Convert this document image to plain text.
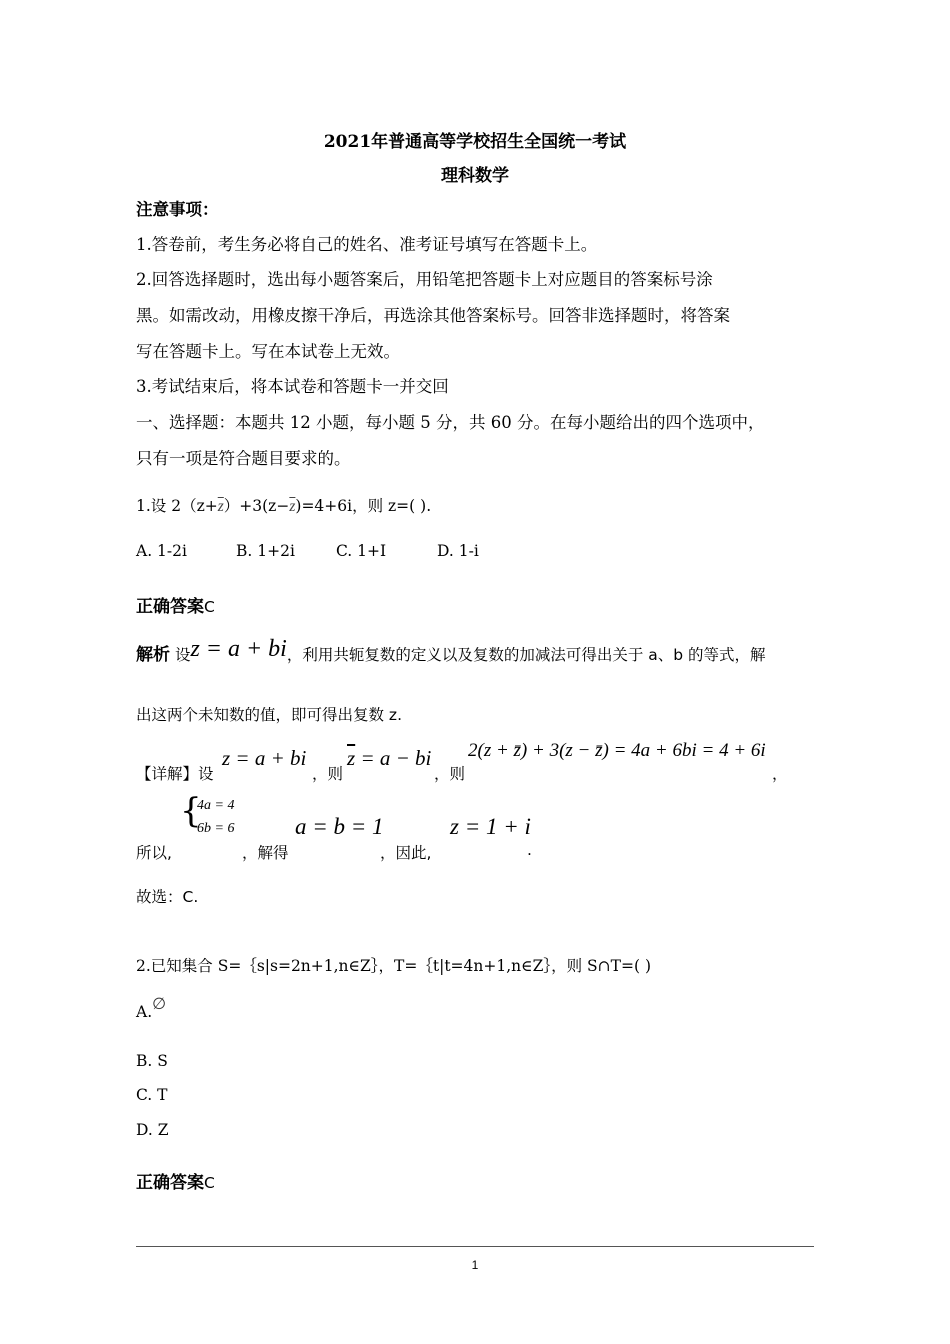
2021年普通高等学校招生全国统一考试
理科数学
注意事项：
1.答卷前，考生务必将自己的姓名、准考证号填写在答题卡上。
2.回答选择题时，选出每小题答案后，用铅笔把答题卡上对应题目的答案标号涂
黑。如需改动，用橡皮擦干净后，再选涂其他答案标号。回答非选择题时，将答案
写在答题卡上。写在本试卷上无效。
3.考试结束后，将本试卷和答题卡一并交回
一、选择题：本题共 12 小题，每小题 5 分，共 60 分。在每小题给出的四个选项中，
只有一项是符合题目要求的。
1.设 $2(z+\overline{z})+3(z-\overline{z})=4+6i$，则 z=( ).
A. 1-2i	B. 1+2i	C. 1+I	D. 1-i
正确答案C
解析 设z = a + bi，利用共轭复数的定义以及复数的加减法可得出关于 a、b 的等式，解
出这两个未知数的值，即可得出复数 z.
【详解】设
z = a + bi
，则
$\overline{z} = a$ − bi
，则
2(z + z̄) + 3(z − z̄) = 4a + 6bi = 4 + 6i
，
{
4a = 4
6b = 6
所以,	，解得
a = b = 1
，因此,
z = 1 + i
.
故选：C.
2.已知集合 S=｛s|s=2n+1,n∈Z｝，T=｛t|t=4n+1,n∈Z｝，则 S∩T=( )
A.∅
B. S
C. T
D. Z
正确答案C
1
